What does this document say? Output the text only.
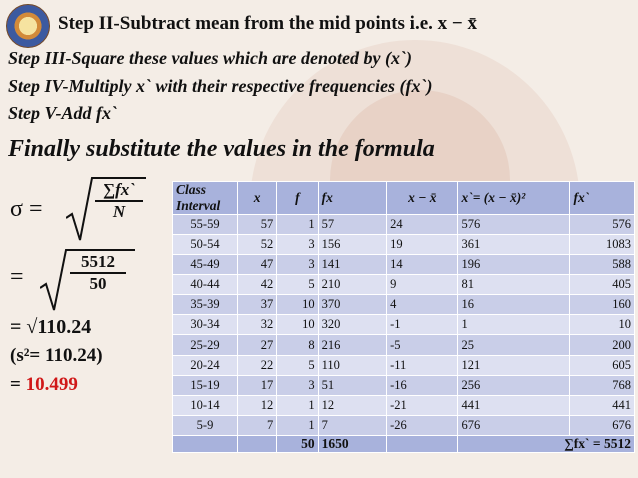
Step II-Subtract mean from the mid points i.e. x − x̄
Step III-Square these values which are denoted by (x`)
Step IV-Multiply x` with their respective frequencies (fx`)
Step V-Add fx`
Finally substitute the values in the formula
σ =	$\frac{\sum fx`}{N}$
=	$\frac{5512}{50}$
= √110.24
(s²= 110.24)
= 10.499
Class Interval	x	f	fx	x − x̄	x`= (x − x̄)²	fx`
55-59	57	1	57	24	576	576
50-54	52	3	156	19	361	1083
45-49	47	3	141	14	196	588
40-44	42	5	210	9	81	405
35-39	37	10	370	4	16	160
30-34	32	10	320	-1	1	10
25-29	27	8	216	-5	25	200
20-24	22	5	110	-11	121	605
15-19	17	3	51	-16	256	768
10-14	12	1	12	-21	441	441
5-9	7	1	7	-26	676	676
		50	1650		∑fx` = 5512	
